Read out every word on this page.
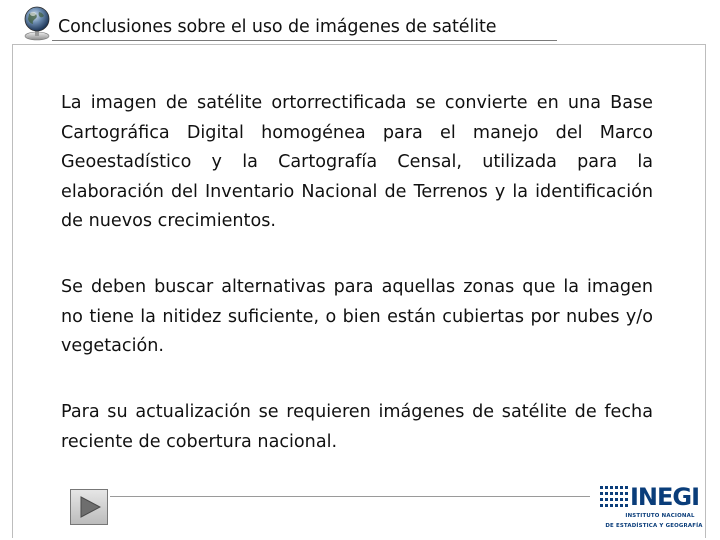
Conclusiones sobre el uso de imágenes de satélite

La imagen de satélite ortorrectificada se convierte en una Base Cartográfica Digital homogénea para el manejo del Marco Geoestadístico y la Cartografía Censal, utilizada para la elaboración del Inventario Nacional de Terrenos y la identificación de nuevos crecimientos.

Se deben buscar alternativas para aquellas zonas que la imagen no tiene la nitidez suficiente, o bien están cubiertas por nubes y/o vegetación.

Para su actualización se requieren imágenes de satélite de fecha reciente de cobertura nacional.

INEGI
INSTITUTO NACIONAL
DE ESTADÍSTICA Y GEOGRAFÍA
